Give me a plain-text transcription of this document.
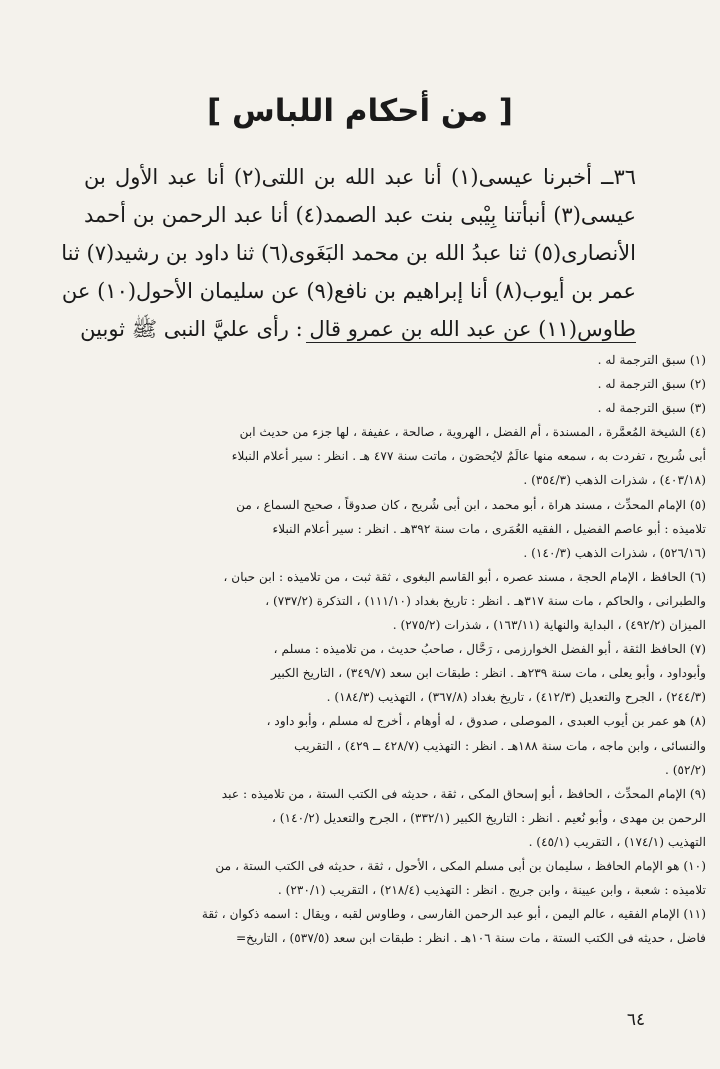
[ من أحكام اللباس ]
٣٦ــ أخبرنا عيسى(١) أنا عبد الله بن اللتى(٢) أنا عبد الأول بن
عيسى(٣) أنبأتنا بِيْبى بنت عبد الصمد(٤) أنا عبد الرحمن بن أحمد
الأنصارى(٥) ثنا عبدُ الله بن محمد البَغَوى(٦) ثنا داود بن رشيد(٧) ثنا
عمر بن أيوب(٨) أنا إبراهيم بن نافع(٩) عن سليمان الأحول(١٠) عن
طاوس(١١) عن عبد الله بن عمرو قال : رأى عليَّ النبى ﷺ ثوبين
(١) سبق الترجمة له .
(٢) سبق الترجمة له .
(٣) سبق الترجمة له .
(٤) الشيخة المُعمَّرة ، المسندة ، أم الفضل ، الهروية ، صالحة ، عفيفة ، لها جزء من حديث ابن
أبى شُريح ، تفردت به ، سمعه منها عالَمٌ لايُحصَون ، ماتت سنة ٤٧٧ هـ . انظر : سير أعلام النبلاء
(٤٠٣/١٨) ، شذرات الذهب (٣٥٤/٣) .
(٥) الإمام المحدِّث ، مسند هراة ، أبو محمد ، ابن أبى شُريح ، كان صدوقاً ، صحيح السماع ، من
تلاميذه : أبو عاصم الفضيل ، الفقيه العُمَرى ، مات سنة ٣٩٢هـ . انظر : سير أعلام النبلاء
(٥٢٦/١٦) ، شذرات الذهب (١٤٠/٣) .
(٦) الحافظ ، الإمام الحجة ، مسند عصره ، أبو القاسم البغوى ، ثقة ثبت ، من تلاميذه : ابن حبان ،
والطبرانى ، والحاكم ، مات سنة ٣١٧هـ . انظر : تاريخ بغداد (١١١/١٠) ، التذكرة (٧٣٧/٢) ،
الميزان (٤٩٢/٢) ، البداية والنهاية (١٦٣/١١) ، شذرات (٢٧٥/٢) .
(٧) الحافظ الثقة ، أبو الفضل الخوارزمى ، رَحَّال ، صاحبُ حديث ، من تلاميذه : مسلم ،
وأبوداود ، وأبو يعلى ، مات سنة ٢٣٩هـ . انظر : طبقات ابن سعد (٣٤٩/٧) ، التاريخ الكبير
(٢٤٤/٣) ، الجرح والتعديل (٤١٢/٣) ، تاريخ بغداد (٣٦٧/٨) ، التهذيب (١٨٤/٣) .
(٨) هو عمر بن أيوب العبدى ، الموصلى ، صدوق ، له أوهام ، أخرج له مسلم ، وأبو داود ،
والنسائى ، وابن ماجه ، مات سنة ١٨٨هـ . انظر : التهذيب (٤٢٨/٧ ــ ٤٢٩) ، التقريب
(٥٢/٢) .
(٩) الإمام المحدِّث ، الحافظ ، أبو إسحاق المكى ، ثقة ، حديثه فى الكتب الستة ، من تلاميذه : عبد
الرحمن بن مهدى ، وأبو نُعيم . انظر : التاريخ الكبير (٣٣٢/١) ، الجرح والتعديل (١٤٠/٢) ،
التهذيب (١٧٤/١) ، التقريب (٤٥/١) .
(١٠) هو الإمام الحافظ ، سليمان بن أبى مسلم المكى ، الأحول ، ثقة ، حديثه فى الكتب الستة ، من
تلاميذه : شعبة ، وابن عيينة ، وابن جريج . انظر : التهذيب (٢١٨/٤) ، التقريب (٢٣٠/١) .
(١١) الإمام الفقيه ، عالم اليمن ، أبو عبد الرحمن الفارسى ، وطاوس لقبه ، ويقال : اسمه ذكوان ، ثقة
فاضل ، حديثه فى الكتب الستة ، مات سنة ١٠٦هـ . انظر : طبقات ابن سعد (٥٣٧/٥) ، التاريخ=
٦٤
